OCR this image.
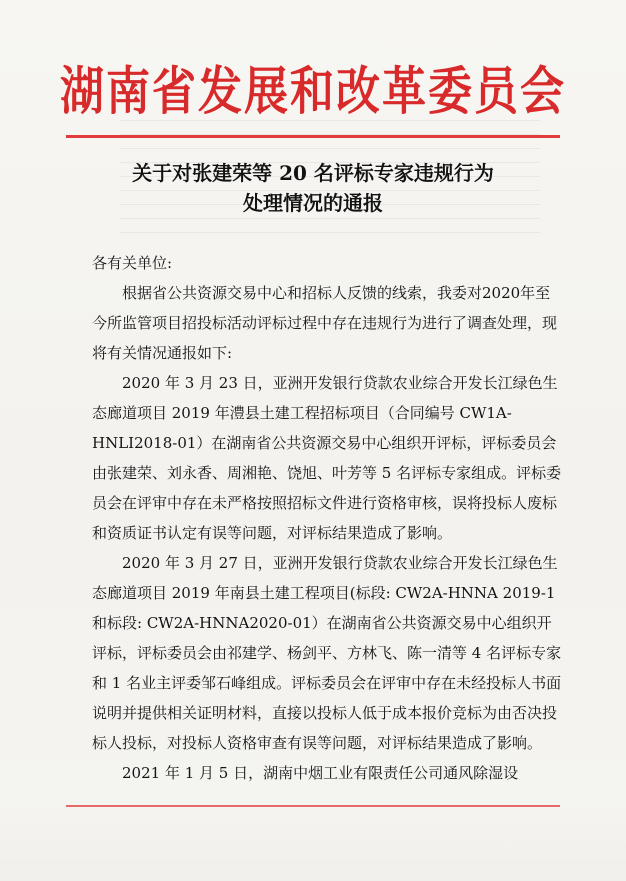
湖南省发展和改革委员会
关于对张建荣等 20 名评标专家违规行为
处理情况的通报

各有关单位:

根据省公共资源交易中心和招标人反馈的线索，我委对2020年至今所监管项目招投标活动评标过程中存在违规行为进行了调查处理，现将有关情况通报如下:

2020 年 3 月 23 日，亚洲开发银行贷款农业综合开发长江绿色生态廊道项目 2019 年澧县土建工程招标项目（合同编号 CW1A-HNLI2018-01）在湖南省公共资源交易中心组织开评标，评标委员会由张建荣、刘永香、周湘艳、饶旭、叶芳等 5 名评标专家组成。评标委员会在评审中存在未严格按照招标文件进行资格审核，误将投标人废标和资质证书认定有误等问题，对评标结果造成了影响。

2020 年 3 月 27 日，亚洲开发银行贷款农业综合开发长江绿色生态廊道项目 2019 年南县土建工程项目(标段: CW2A-HNNA 2019-1 和标段: CW2A-HNNA2020-01）在湖南省公共资源交易中心组织开评标，评标委员会由祁建学、杨剑平、方林飞、陈一清等 4 名评标专家和 1 名业主评委邹石峰组成。评标委员会在评审中存在未经投标人书面说明并提供相关证明材料，直接以投标人低于成本报价竞标为由否决投标人投标，对投标人资格审查有误等问题，对评标结果造成了影响。

2021 年 1 月 5 日，湖南中烟工业有限责任公司通风除湿设
